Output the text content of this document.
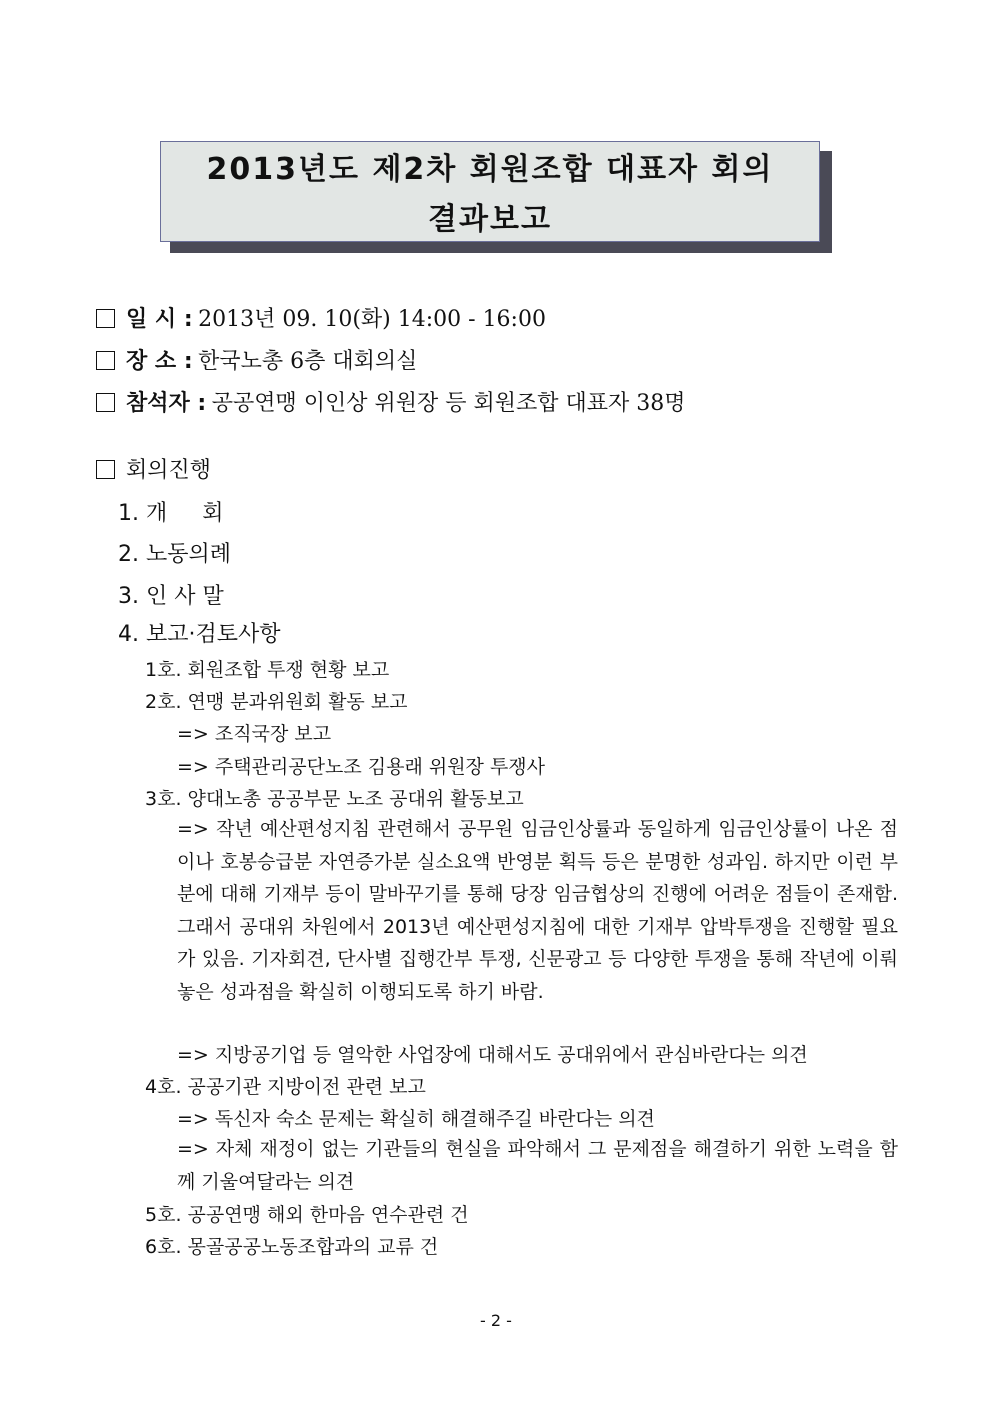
2013년도 제2차 회원조합 대표자 회의
결과보고
일 시 : 2013년 09. 10(화) 14:00 - 16:00
장 소 : 한국노총 6층 대회의실
참석자 : 공공연맹 이인상 위원장 등 회원조합 대표자 38명
회의진행
1. 개     회
2. 노동의례
3. 인 사 말
4. 보고·검토사항
1호. 회원조합 투쟁 현황 보고
2호. 연맹 분과위원회 활동 보고
=> 조직국장 보고
=> 주택관리공단노조 김용래 위원장 투쟁사
3호. 양대노총 공공부문 노조 공대위 활동보고
=> 작년 예산편성지침 관련해서 공무원 임금인상률과 동일하게 임금인상률이 나온 점이나 호봉승급분 자연증가분 실소요액 반영분 획득 등은 분명한 성과임. 하지만 이런 부분에 대해 기재부 등이 말바꾸기를 통해 당장 임금협상의 진행에 어려운 점들이 존재함. 그래서 공대위 차원에서 2013년 예산편성지침에 대한 기재부 압박투쟁을 진행할 필요가 있음. 기자회견, 단사별 집행간부 투쟁, 신문광고 등 다양한 투쟁을 통해 작년에 이뤄놓은 성과점을 확실히 이행되도록 하기 바람.
=> 지방공기업 등 열악한 사업장에 대해서도 공대위에서 관심바란다는 의견
4호. 공공기관 지방이전 관련 보고
=> 독신자 숙소 문제는 확실히 해결해주길 바란다는 의견
=> 자체 재정이 없는 기관들의 현실을 파악해서 그 문제점을 해결하기 위한 노력을 함께 기울여달라는 의견
5호. 공공연맹 해외 한마음 연수관련 건
6호. 몽골공공노동조합과의 교류 건
- 2 -
